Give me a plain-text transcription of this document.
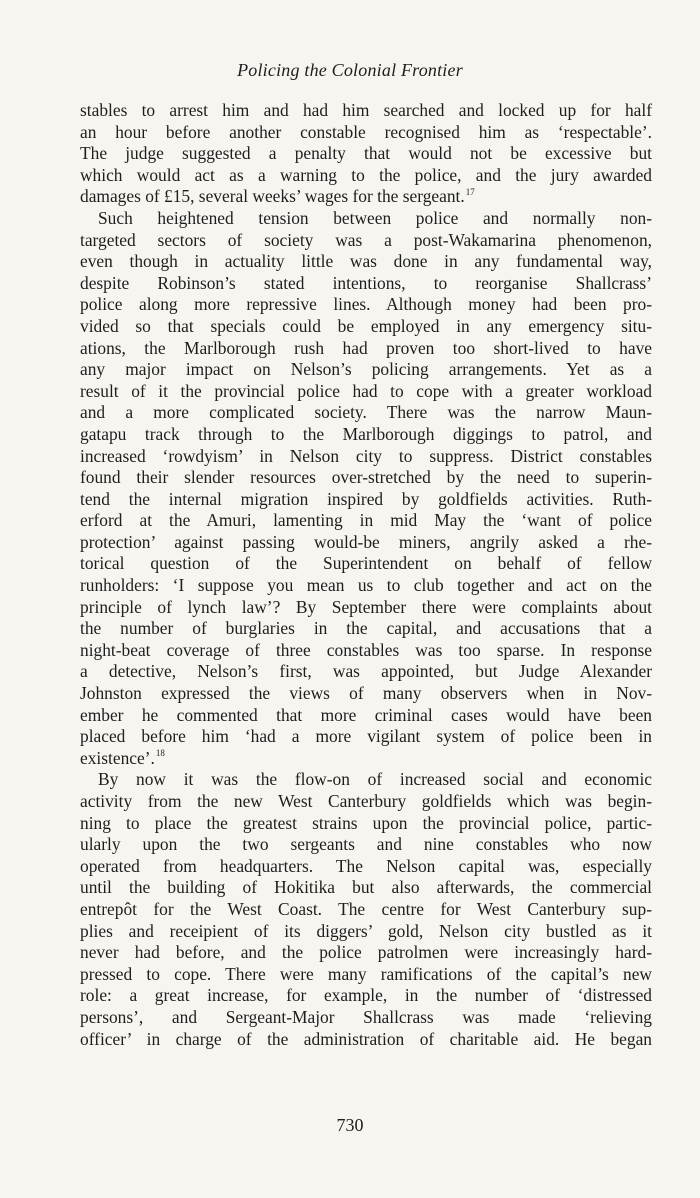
Policing the Colonial Frontier
stables to arrest him and had him searched and locked up for half
an hour before another constable recognised him as ‘respectable’.
The judge suggested a penalty that would not be excessive but
which would act as a warning to the police, and the jury awarded
damages of £15, several weeks’ wages for the sergeant.$^{17}$
Such heightened tension between police and normally non-
targeted sectors of society was a post-Wakamarina phenomenon,
even though in actuality little was done in any fundamental way,
despite Robinson’s stated intentions, to reorganise Shallcrass’
police along more repressive lines. Although money had been pro-
vided so that specials could be employed in any emergency situ-
ations, the Marlborough rush had proven too short-lived to have
any major impact on Nelson’s policing arrangements. Yet as a
result of it the provincial police had to cope with a greater workload
and a more complicated society. There was the narrow Maun-
gatapu track through to the Marlborough diggings to patrol, and
increased ‘rowdyism’ in Nelson city to suppress. District constables
found their slender resources over-stretched by the need to superin-
tend the internal migration inspired by goldfields activities. Ruth-
erford at the Amuri, lamenting in mid May the ‘want of police
protection’ against passing would-be miners, angrily asked a rhe-
torical question of the Superintendent on behalf of fellow
runholders: ‘I suppose you mean us to club together and act on the
principle of lynch law’? By September there were complaints about
the number of burglaries in the capital, and accusations that a
night-beat coverage of three constables was too sparse. In response
a detective, Nelson’s first, was appointed, but Judge Alexander
Johnston expressed the views of many observers when in Nov-
ember he commented that more criminal cases would have been
placed before him ‘had a more vigilant system of police been in
existence’.$^{18}$
By now it was the flow-on of increased social and economic
activity from the new West Canterbury goldfields which was begin-
ning to place the greatest strains upon the provincial police, partic-
ularly upon the two sergeants and nine constables who now
operated from headquarters. The Nelson capital was, especially
until the building of Hokitika but also afterwards, the commercial
entrepôt for the West Coast. The centre for West Canterbury sup-
plies and receipient of its diggers’ gold, Nelson city bustled as it
never had before, and the police patrolmen were increasingly hard-
pressed to cope. There were many ramifications of the capital’s new
role: a great increase, for example, in the number of ‘distressed
persons’, and Sergeant-Major Shallcrass was made ‘relieving
officer’ in charge of the administration of charitable aid. He began
730
